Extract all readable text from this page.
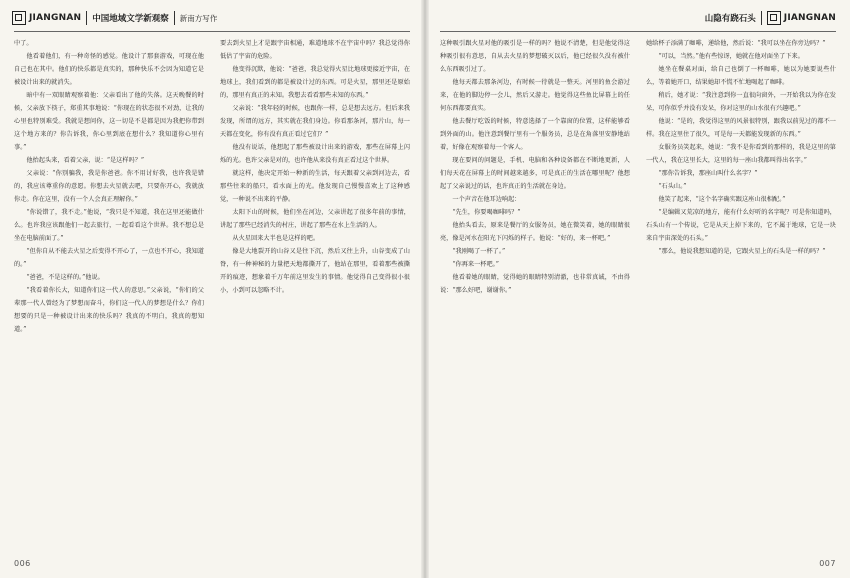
JIANGNAN 中国地域文学新观察 新南方写作

中了。

他看着他们，有一种奇怪的感觉。他设计了那套游戏，可现在他自己也在其中。他们的快乐都是真实的，那种快乐不会因为知道它是被设计出来的就消失。

暗中有一双眼睛观察着他：父亲看出了他的失落。这天晚餐的时候，父亲放下筷子，郑重其事地说：“你现在的状态很不对劲，让我的心里也特别难受。我就是想问你，这一切是不是都是因为我把你带到这个地方来的？你告诉我，你心里到底在想什么？我知道你心里有事。”

他抬起头来，看着父亲，说：“是这样吗？”

父亲说：“你别骗我，我是你爸爸。你不用讨好我，也许我是错的，我应该尊重你的意愿。你想去火星就去吧，只要你开心，我就放你走。你在这里，没有一个人会真正理解你。”

“你说错了，我不走。”他说，“我只是不知道，我在这里还能做什么。也许我应该跟他们一起去旅行，一起看看这个世界。我不想总是坐在电脑前面了。”

“但你自从不能去火星之后变得不开心了，一点也不开心，我知道的。”

“爸爸，不是这样的。”他说。

“我看着你长大，知道你们这一代人的意思。”父亲说，“你们的父辈那一代人曾经为了梦想而奋斗，你们这一代人的梦想是什么？你们想要的只是一种被设计出来的快乐吗？我真的不明白，我真的想知道。”

要去到火星上才是跟宇宙相通，难道地球不在宇宙中吗？我总觉得你低估了宇宙的危险。

他变得沉默，他说：“爸爸，我总觉得火星比地球更接近宇宙，在地球上，我们看到的都是被设计过的东西。可是火星，那里还是原始的，那里有真正的未知。我想去看看那些未知的东西。”

父亲说：“我年轻的时候，也跟你一样，总是想去远方。但后来我发现，所谓的远方，其实就在我们身边。你看那条河，那片山，每一天都在变化，你有没有真正看过它们？”

他没有说话，他想起了那些被设计出来的游戏，那些在屏幕上闪烁的光。也许父亲是对的，也许他从来没有真正看过这个世界。

就这样，他决定开始一种新的生活，每天跟着父亲到河边去，看那些往来的船只，看水面上的光。他发现自己慢慢喜欢上了这种感觉，一种说不出来的平静。

太阳下山的时候，他们坐在河边，父亲讲起了很多年前的事情，讲起了那些已经消失的村庄，讲起了那些在水上生活的人。

从火星回来大半也是这样的吧。

像是大地裂开的山谷又是往下沉，然后又往上升，山谷变成了山脊，有一种神秘的力量把天地都撕开了，他站在那里，看着那些被撕开的痕迹，想象着千万年前这里发生的事情。他觉得自己变得很小很小，小到可以忽略不计。

006
山隐有跷石头	JIANGNAN

这种吸引跟火星对他的吸引是一样的吗？他说不清楚，但是他觉得这种吸引很有意思，自从去火星的梦想破灭以后，他已经很久没有被什么东西吸引过了。

他每天都去那条河边，有时候一待就是一整天。河里的鱼会游过来，在他的脚边停一会儿，然后又游走。他觉得这些鱼比屏幕上的任何东西都要真实。

他去餐厅吃饭的时候，特意选择了一个靠窗的位置，这样能够看到外面的山。他注意到餐厅里有一个服务员，总是在角落里安静地站着，好像在观察着每一个客人。

现在要问的问题是，手机、电脑和各种设备都在不断地更新，人们每天花在屏幕上的时间越来越多，可是真正的生活在哪里呢？他想起了父亲说过的话，也许真正的生活就在身边。

一个声音在他耳边响起：

“先生，你要喝咖啡吗？”

他抬头看去，原来是餐厅的女服务员，她在微笑着，她的眼睛很亮，像是河水在阳光下闪烁的样子。他说：“好的，来一杯吧。”

“我刚喝了一杯了。”

“你再来一杯吧。”

他看着她的眼睛，觉得她的眼睛特别清澈，也非常真诚，不由得说：“那么好吧，谢谢你。”

她给杯子添满了咖啡，递给他，然后说：“我可以坐在你旁边吗？”

“可以，当然。”他有些惊讶，她就在他对面坐了下来。

她坐在餐桌对面，给自己也倒了一杯咖啡，她以为她要说些什么，等着她开口，结果她却不慌不忙地喝起了咖啡。

稍后，她才说：“我注意到你一直很向窗外，一开始我以为你在发呆，可你似乎并没有发呆，你对这里的山水很有兴趣吧。”

他说：“是的，我觉得这里的风景很特别，跟我以前见过的都不一样。我在这里住了很久，可是每一天都能发现新的东西。”

女服务员笑起来，她说：“我不是你看到的那样的，我是这里的第一代人，我在这里长大，这里的每一座山我都叫得出名字。”

“那你告诉我，那座山叫什么名字？”

“石头山。”

他笑了起来，“这个名字确实跟这座山很相配。”

“是编辑又荒凉的地方，能有什么好听的名字呢？可是你知道吗，石头山有一个传说，它是从天上掉下来的，它不属于地球，它是一块来自宇宙深处的石头。”

“那么，他说我想知道的是，它跟火星上的石头是一样的吗？”

007
